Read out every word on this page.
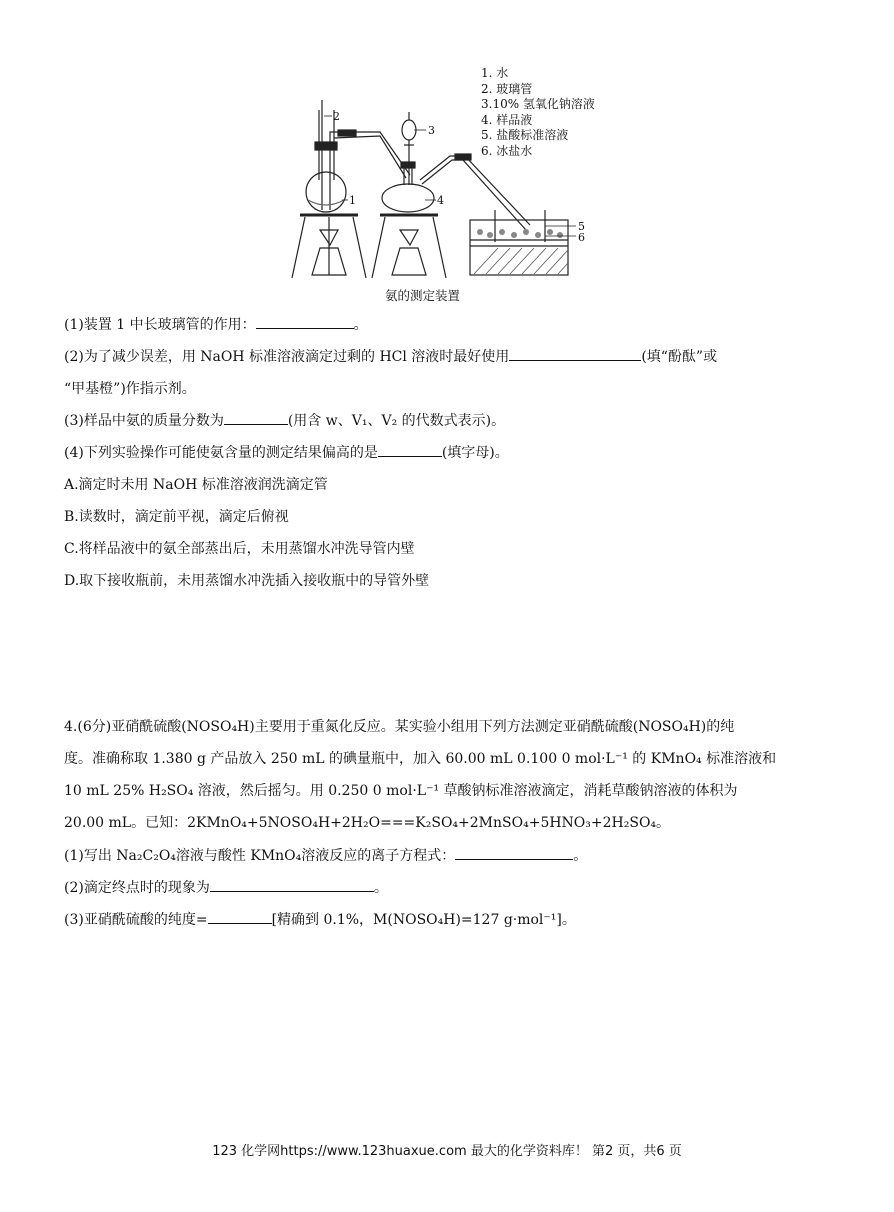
2
1
3
4
5
6
1. 水
2. 玻璃管
3.10% 氢氧化钠溶液
4. 样品液
5. 盐酸标准溶液
6. 冰盐水
氨的测定装置
(1)装置 1 中长玻璃管的作用：	。
(2)为了减少误差，用 NaOH 标准溶液滴定过剩的 HCl 溶液时最好使用	(填“酚酞”或
“甲基橙”)作指示剂。
(3)样品中氨的质量分数为	(用含 w、V₁、V₂ 的代数式表示)。
(4)下列实验操作可能使氨含量的测定结果偏高的是	(填字母)。
A.滴定时未用 NaOH 标准溶液润洗滴定管
B.读数时，滴定前平视，滴定后俯视
C.将样品液中的氨全部蒸出后，未用蒸馏水冲洗导管内壁
D.取下接收瓶前，未用蒸馏水冲洗插入接收瓶中的导管外壁
4.(6分)亚硝酰硫酸(NOSO₄H)主要用于重氮化反应。某实验小组用下列方法测定亚硝酰硫酸(NOSO₄H)的纯
度。准确称取 1.380 g 产品放入 250 mL 的碘量瓶中，加入 60.00 mL 0.100 0 mol·L⁻¹ 的 KMnO₄ 标准溶液和
10 mL 25% H₂SO₄ 溶液，然后摇匀。用 0.250 0 mol·L⁻¹ 草酸钠标准溶液滴定，消耗草酸钠溶液的体积为
20.00 mL。已知：2KMnO₄+5NOSO₄H+2H₂O===K₂SO₄+2MnSO₄+5HNO₃+2H₂SO₄。
(1)写出 Na₂C₂O₄溶液与酸性 KMnO₄溶液反应的离子方程式：	。
(2)滴定终点时的现象为	。
(3)亚硝酰硫酸的纯度=	[精确到 0.1%，M(NOSO₄H)=127 g·mol⁻¹]。
123 化学网https://www.123huaxue.com 最大的化学资料库！ 第2 页，共6 页
